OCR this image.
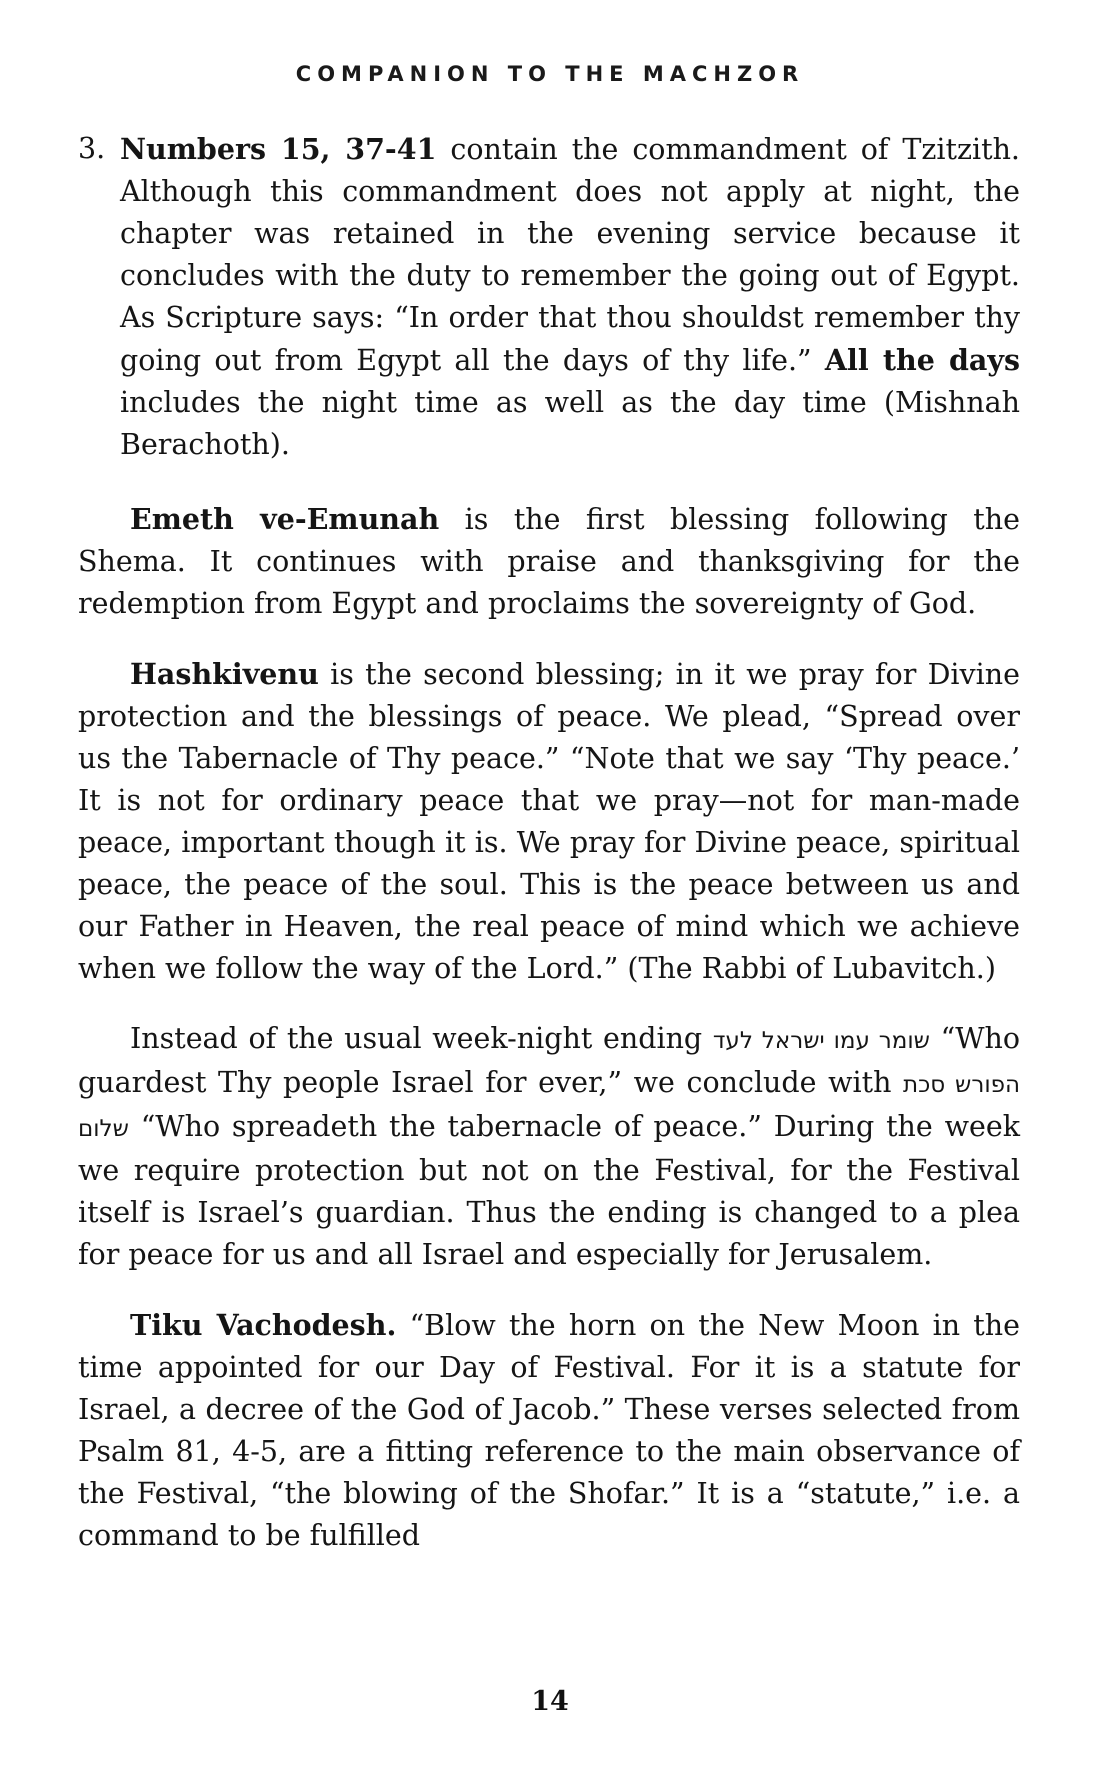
COMPANION TO THE MACHZOR

3. Numbers 15, 37-41 contain the commandment of Tzitzith. Although this commandment does not apply at night, the chapter was retained in the evening service because it concludes with the duty to remember the going out of Egypt. As Scripture says: “In order that thou shouldst remember thy going out from Egypt all the days of thy life.” All the days includes the night time as well as the day time (Mishnah Berachoth).

Emeth ve-Emunah is the first blessing following the Shema. It continues with praise and thanksgiving for the redemption from Egypt and proclaims the sovereignty of God.

Hashkivenu is the second blessing; in it we pray for Divine protection and the blessings of peace. We plead, “Spread over us the Tabernacle of Thy peace.” “Note that we say ‘Thy peace.’ It is not for ordinary peace that we pray—not for man-made peace, important though it is. We pray for Divine peace, spiritual peace, the peace of the soul. This is the peace between us and our Father in Heaven, the real peace of mind which we achieve when we follow the way of the Lord.” (The Rabbi of Lubavitch.)

Instead of the usual week-night ending שומר עמו ישראל לעד “Who guardest Thy people Israel for ever,” we conclude with הפורש סכת שלום “Who spreadeth the tabernacle of peace.” During the week we require protection but not on the Festival, for the Festival itself is Israel’s guardian. Thus the ending is changed to a plea for peace for us and all Israel and especially for Jerusalem.

Tiku Vachodesh. “Blow the horn on the New Moon in the time appointed for our Day of Festival. For it is a statute for Israel, a decree of the God of Jacob.” These verses selected from Psalm 81, 4-5, are a fitting reference to the main observance of the Festival, “the blowing of the Shofar.” It is a “statute,” i.e. a command to be fulfilled

14
